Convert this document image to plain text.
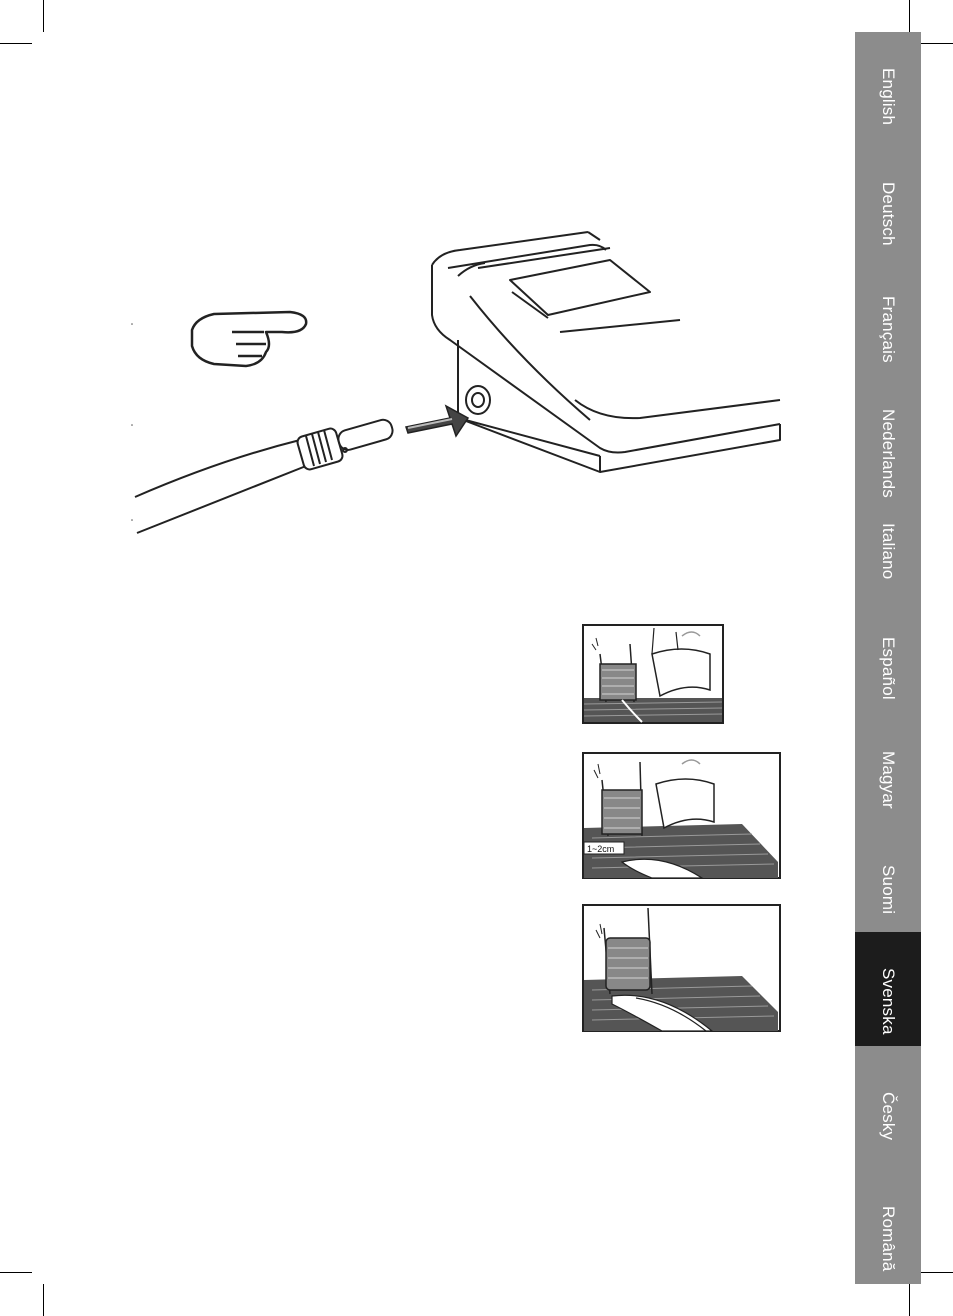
1~2cm
English
Deutsch
Français
Nederlands
Italiano
Español
Magyar
Suomi
Svenska
Česky
Română
